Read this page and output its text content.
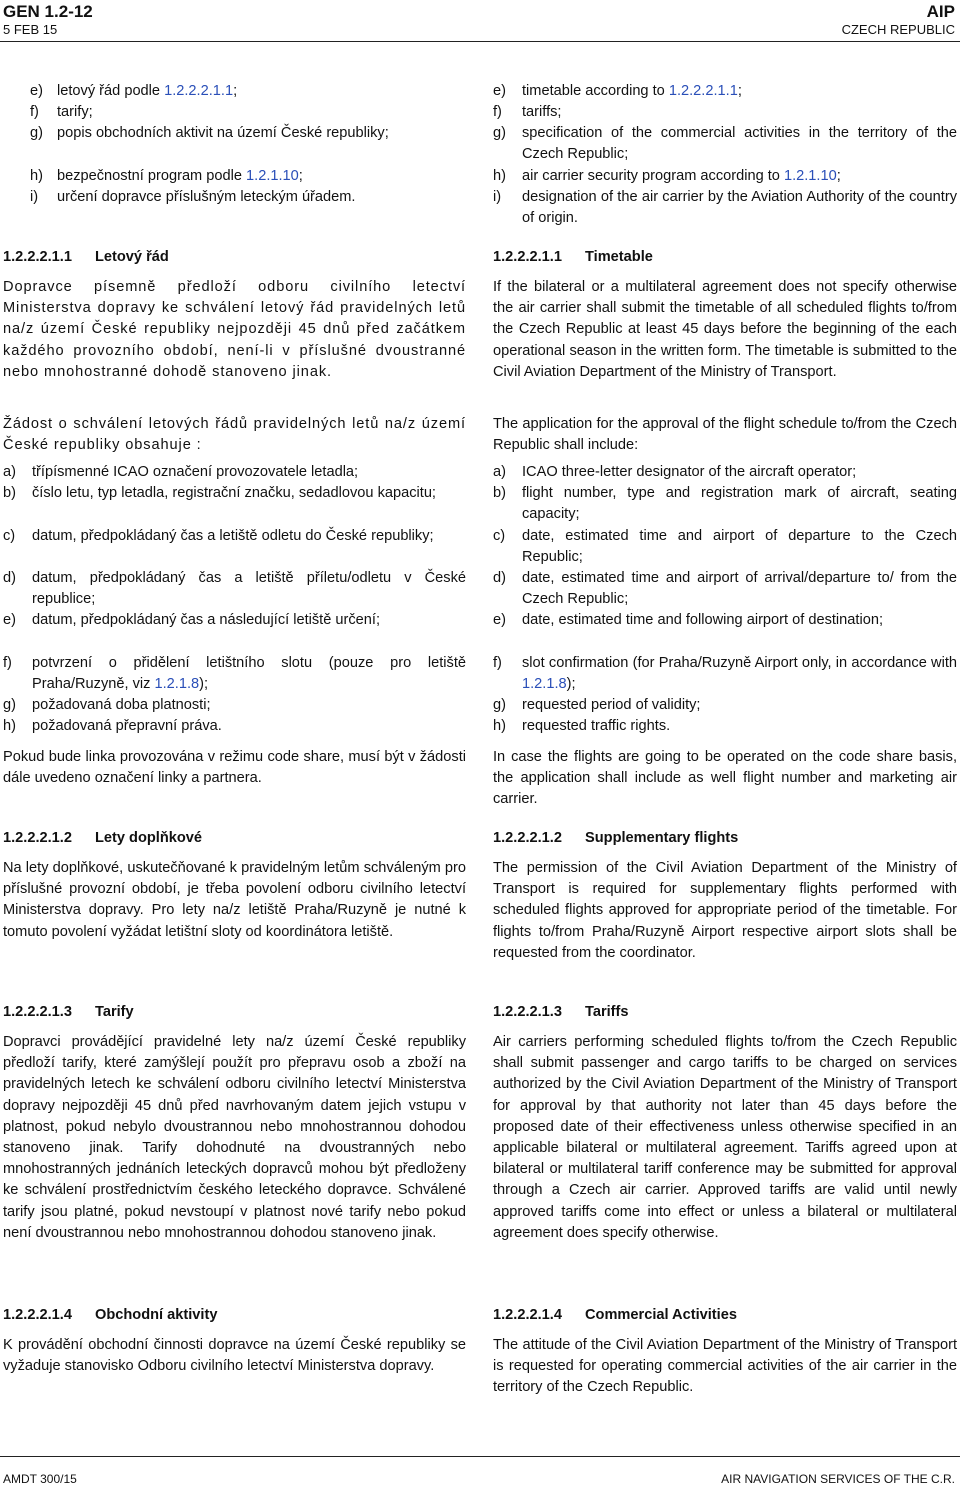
GEN 1.2-12
5 FEB 15
AIP
CZECH REPUBLIC
e) letový řád podle 1.2.2.2.1.1;
f)	tarify;
g) popis obchodních aktivit na území České republiky;
h) bezpečnostní program podle 1.2.1.10;
i)	určení dopravce příslušným leteckým úřadem.
1.2.2.2.1.1 Letový řád
Dopravce písemně předloží odboru civilního letectví Ministerstva dopravy ke schválení letový řád pravidelných letů na/z území České republiky nejpozději 45 dnů před začátkem každého provozního období, není-li v příslušné dvoustranné nebo mnohostranné dohodě stanoveno jinak.
Žádost o schválení letových řádů pravidelných letů na/z území České republiky obsahuje :
a)	třípísmenné ICAO označení provozovatele letadla;
b)	číslo letu, typ letadla, registrační značku, sedadlovou kapacitu;
c)	datum, předpokládaný čas a letiště odletu do České republiky;
d)	datum, předpokládaný čas a letiště příletu/odletu v České republice;
e)	datum, předpokládaný čas a následující letiště určení;
f)	potvrzení o přidělení letištního slotu (pouze pro letiště Praha/Ruzyně, viz 1.2.1.8);
g)	požadovaná doba platnosti;
h)	požadovaná přepravní práva.
Pokud bude linka provozována v režimu code share, musí být v žádosti dále uvedeno označení linky a partnera.
1.2.2.2.1.2 Lety doplňkové
Na lety doplňkové, uskutečňované k pravidelným letům schváleným pro příslušné provozní období, je třeba povolení odboru civilního letectví Ministerstva dopravy. Pro lety na/z letiště Praha/Ruzyně je nutné k tomuto povolení vyžádat letištní sloty od koordinátora letiště.
1.2.2.2.1.3 Tarify
Dopravci provádějící pravidelné lety na/z území České republiky předloží tarify, které zamýšlejí použít pro přepravu osob a zboží na pravidelných letech ke schválení odboru civilního letectví Ministerstva dopravy nejpozději 45 dnů před navrhovaným datem jejich vstupu v platnost, pokud nebylo dvoustrannou nebo mnohostrannou dohodou stanoveno jinak. Tarify dohodnuté na dvoustranných nebo mnohostranných jednáních leteckých dopravců mohou být předloženy ke schválení prostřednictvím českého leteckého dopravce. Schválené tarify jsou platné, pokud nevstoupí v platnost nové tarify nebo pokud není dvoustrannou nebo mnohostrannou dohodou stanoveno jinak.
1.2.2.2.1.4 Obchodní aktivity
K provádění obchodní činnosti dopravce na území České republiky se vyžaduje stanovisko Odboru civilního letectví Ministerstva dopravy.
e)	timetable according to 1.2.2.2.1.1;
f)	tariffs;
g)	specification of the commercial activities in the territory of the Czech Republic;
h)	air carrier security program according to 1.2.1.10;
i)	designation of the air carrier by the Aviation Authority of the country of origin.
1.2.2.2.1.1 Timetable
If the bilateral or a multilateral agreement does not specify otherwise the air carrier shall submit the timetable of all scheduled flights to/from the Czech Republic at least 45 days before the beginning of the each operational season in the written form. The timetable is submitted to the Civil Aviation Department of the Ministry of Transport.
The application for the approval of the flight schedule to/from the Czech Republic shall include:
a)	ICAO three-letter designator of the aircraft operator;
b)	flight number, type and registration mark of aircraft, seating capacity;
c)	date, estimated time and airport of departure to the Czech Republic;
d)	date, estimated time and airport of arrival/departure to/ from the Czech Republic;
e)	date, estimated time and following airport of destination;
f)	slot confirmation (for Praha/Ruzyně Airport only, in accordance with 1.2.1.8);
g)	requested period of validity;
h)	requested traffic rights.
In case the flights are going to be operated on the code share basis, the application shall include as well flight number and marketing air carrier.
1.2.2.2.1.2 Supplementary flights
The permission of the Civil Aviation Department of the Ministry of Transport is required for supplementary flights performed with scheduled flights approved for appropriate period of the timetable. For flights to/from Praha/Ruzyně Airport respective airport slots shall be requested from the coordinator.
1.2.2.2.1.3 Tariffs
Air carriers performing scheduled flights to/from the Czech Republic shall submit passenger and cargo tariffs to be charged on services authorized by the Civil Aviation Department of the Ministry of Transport for approval by that authority not later than 45 days before the proposed date of their effectiveness unless otherwise specified in an applicable bilateral or multilateral agreement. Tariffs agreed upon at bilateral or multilateral tariff conference may be submitted for approval through a Czech air carrier. Approved tariffs are valid until newly approved tariffs come into effect or unless a bilateral or multilateral agreement does specify otherwise.
1.2.2.2.1.4 Commercial Activities
The attitude of the Civil Aviation Department of the Ministry of Transport is requested for operating commercial activities of the air carrier in the territory of the Czech Republic.
AMDT 300/15	AIR NAVIGATION SERVICES OF THE C.R.
